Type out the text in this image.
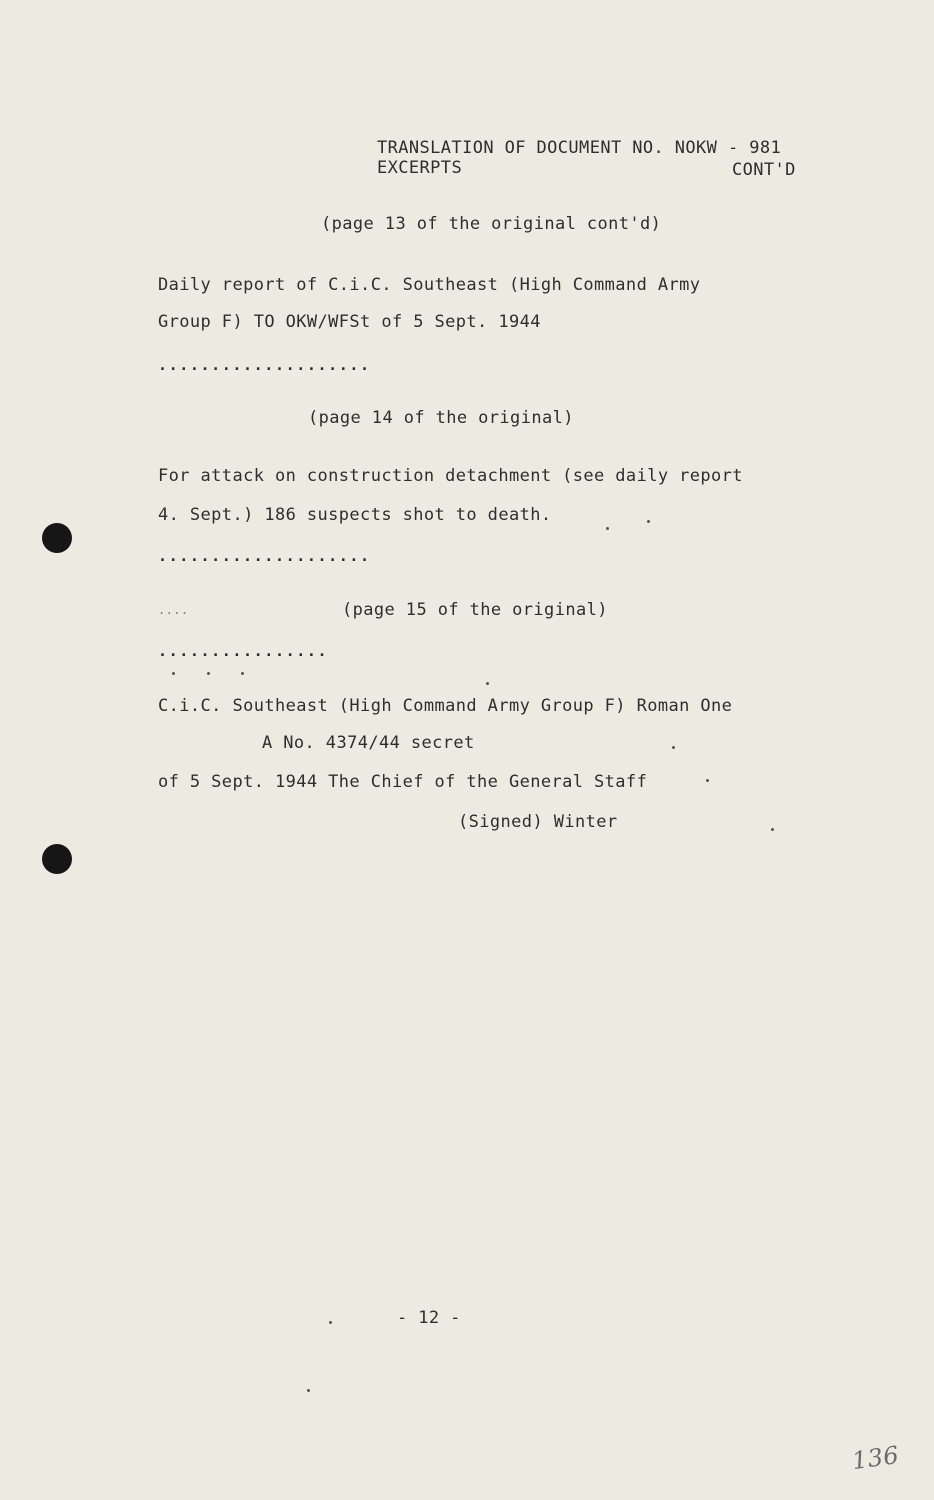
TRANSLATION OF DOCUMENT NO. NOKW - 981
EXCERPTS	CONT'D
(page 13 of the original cont'd)
Daily report of C.i.C. Southeast (High Command Army
Group F) TO OKW/WFSt of 5 Sept. 1944
....................
(page 14 of the original)
For attack on construction detachment (see daily report
4. Sept.) 186 suspects shot to death.
....................
....	(page 15 of the original)
................
C.i.C. Southeast (High Command Army Group F) Roman One
A No. 4374/44 secret
of 5 Sept. 1944 The Chief of the General Staff
(Signed) Winter
- 12 -
136
